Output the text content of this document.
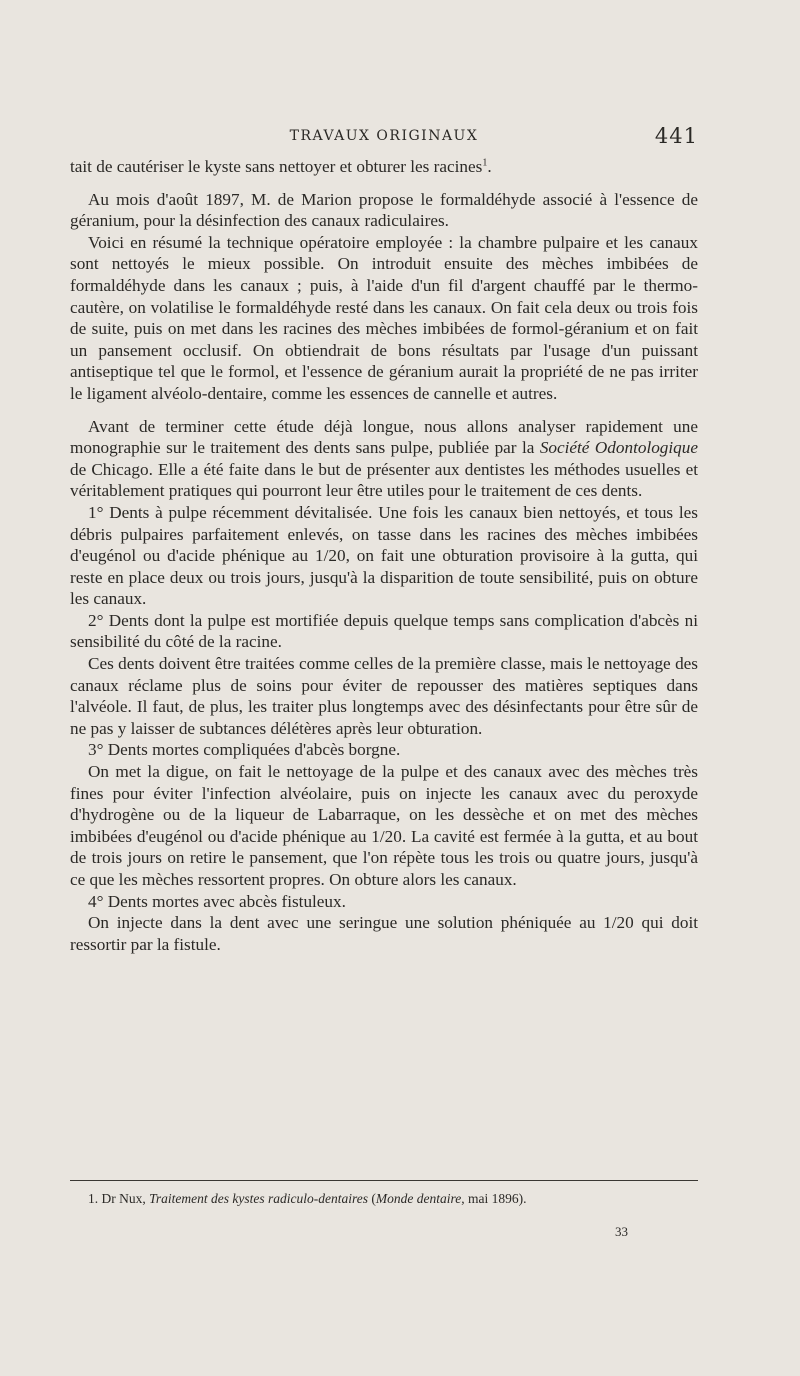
TRAVAUX ORIGINAUX	441

tait de cautériser le kyste sans nettoyer et obturer les racines$^1$.

Au mois d'août 1897, M. de Marion propose le formaldéhyde associé à l'essence de géranium, pour la désinfection des canaux radiculaires.

Voici en résumé la technique opératoire employée : la chambre pulpaire et les canaux sont nettoyés le mieux possible. On introduit ensuite des mèches imbibées de formaldéhyde dans les canaux ; puis, à l'aide d'un fil d'argent chauffé par le thermo-cautère, on volatilise le formaldéhyde resté dans les canaux. On fait cela deux ou trois fois de suite, puis on met dans les racines des mèches imbibées de formol-géranium et on fait un pansement occlusif. On obtiendrait de bons résultats par l'usage d'un puissant antiseptique tel que le formol, et l'essence de géranium aurait la propriété de ne pas irriter le ligament alvéolo-dentaire, comme les essences de cannelle et autres.

Avant de terminer cette étude déjà longue, nous allons analyser rapidement une monographie sur le traitement des dents sans pulpe, publiée par la Société Odontologique de Chicago. Elle a été faite dans le but de présenter aux dentistes les méthodes usuelles et véritablement pratiques qui pourront leur être utiles pour le traitement de ces dents.

1° Dents à pulpe récemment dévitalisée. Une fois les canaux bien nettoyés, et tous les débris pulpaires parfaitement enlevés, on tasse dans les racines des mèches imbibées d'eugénol ou d'acide phénique au 1/20, on fait une obturation provisoire à la gutta, qui reste en place deux ou trois jours, jusqu'à la disparition de toute sensibilité, puis on obture les canaux.

2° Dents dont la pulpe est mortifiée depuis quelque temps sans complication d'abcès ni sensibilité du côté de la racine.

Ces dents doivent être traitées comme celles de la première classe, mais le nettoyage des canaux réclame plus de soins pour éviter de repousser des matières septiques dans l'alvéole. Il faut, de plus, les traiter plus longtemps avec des désinfectants pour être sûr de ne pas y laisser de subtances délétères après leur obturation.

3° Dents mortes compliquées d'abcès borgne.

On met la digue, on fait le nettoyage de la pulpe et des canaux avec des mèches très fines pour éviter l'infection alvéolaire, puis on injecte les canaux avec du peroxyde d'hydrogène ou de la liqueur de Labarraque, on les dessèche et on met des mèches imbibées d'eugénol ou d'acide phénique au 1/20. La cavité est fermée à la gutta, et au bout de trois jours on retire le pansement, que l'on répète tous les trois ou quatre jours, jusqu'à ce que les mèches ressortent propres. On obture alors les canaux.

4° Dents mortes avec abcès fistuleux.

On injecte dans la dent avec une seringue une solution phéniquée au 1/20 qui doit ressortir par la fistule.

1. Dr Nux, Traitement des kystes radiculo-dentaires (Monde dentaire, mai 1896).
33
